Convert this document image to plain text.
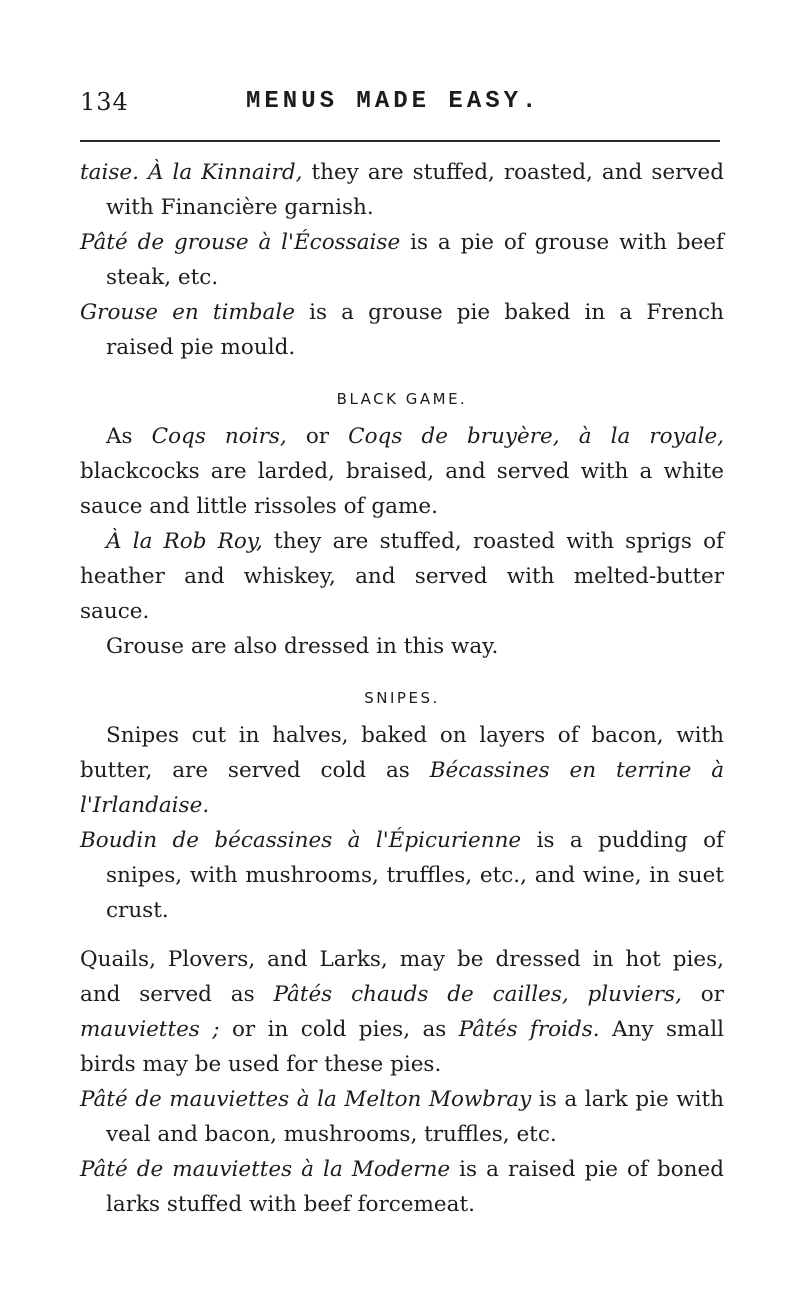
134	MENUS MADE EASY.

taise. À la Kinnaird, they are stuffed, roasted, and served with Financière garnish.

Pâté de grouse à l'Écossaise is a pie of grouse with beef steak, etc.

Grouse en timbale is a grouse pie baked in a French raised pie mould.

BLACK GAME.

As Coqs noirs, or Coqs de bruyère, à la royale, blackcocks are larded, braised, and served with a white sauce and little rissoles of game.

À la Rob Roy, they are stuffed, roasted with sprigs of heather and whiskey, and served with melted-butter sauce.

Grouse are also dressed in this way.

SNIPES.

Snipes cut in halves, baked on layers of bacon, with butter, are served cold as Bécassines en terrine à l'Irlandaise.

Boudin de bécassines à l'Épicurienne is a pudding of snipes, with mushrooms, truffles, etc., and wine, in suet crust.

Quails, Plovers, and Larks, may be dressed in hot pies, and served as Pâtés chauds de cailles, pluviers, or mauviettes ; or in cold pies, as Pâtés froids. Any small birds may be used for these pies.

Pâté de mauviettes à la Melton Mowbray is a lark pie with veal and bacon, mushrooms, truffles, etc.

Pâté de mauviettes à la Moderne is a raised pie of boned larks stuffed with beef forcemeat.
